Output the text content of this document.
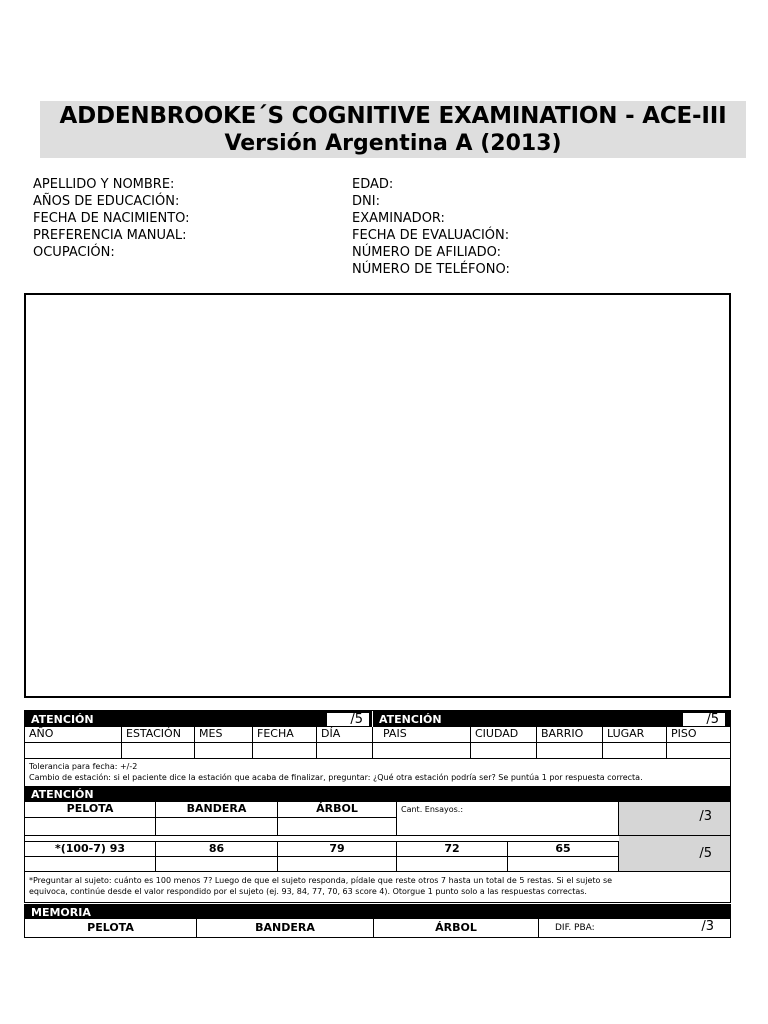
ADDENBROOKE´S COGNITIVE EXAMINATION - ACE-III
Versión Argentina A (2013)
APELLIDO Y NOMBRE:
AÑOS DE EDUCACIÓN:
FECHA DE NACIMIENTO:
PREFERENCIA MANUAL:
OCUPACIÓN:
EDAD:
DNI:
EXAMINADOR:
FECHA DE EVALUACIÓN:
NÚMERO DE AFILIADO:
NÚMERO DE TELÉFONO:
ATENCIÓN	/5	ATENCIÓN	/5
AÑO	ESTACIÓN	MES	FECHA	DÍA	PAIS	CIUDAD	BARRIO	LUGAR	PISO
Tolerancia para fecha: +/-2
Cambio de estación: si el paciente dice la estación que acaba de finalizar, preguntar: ¿Qué otra estación podría ser? Se puntúa 1 por respuesta correcta.
ATENCIÓN
PELOTA	BANDERA	ÁRBOL	Cant. Ensayos.:	/3
*(100-7) 93	86	79	72	65	/5
*Preguntar al sujeto: cuánto es 100 menos 7? Luego de que el sujeto responda, pídale que reste otros 7 hasta un total de 5 restas. Si el sujeto se
equivoca, continúe desde el valor respondido por el sujeto (ej. 93, 84, 77, 70, 63 score 4). Otorgue 1 punto solo a las respuestas correctas.
MEMORIA
PELOTA	BANDERA	ÁRBOL	DIF. PBA:	/3
